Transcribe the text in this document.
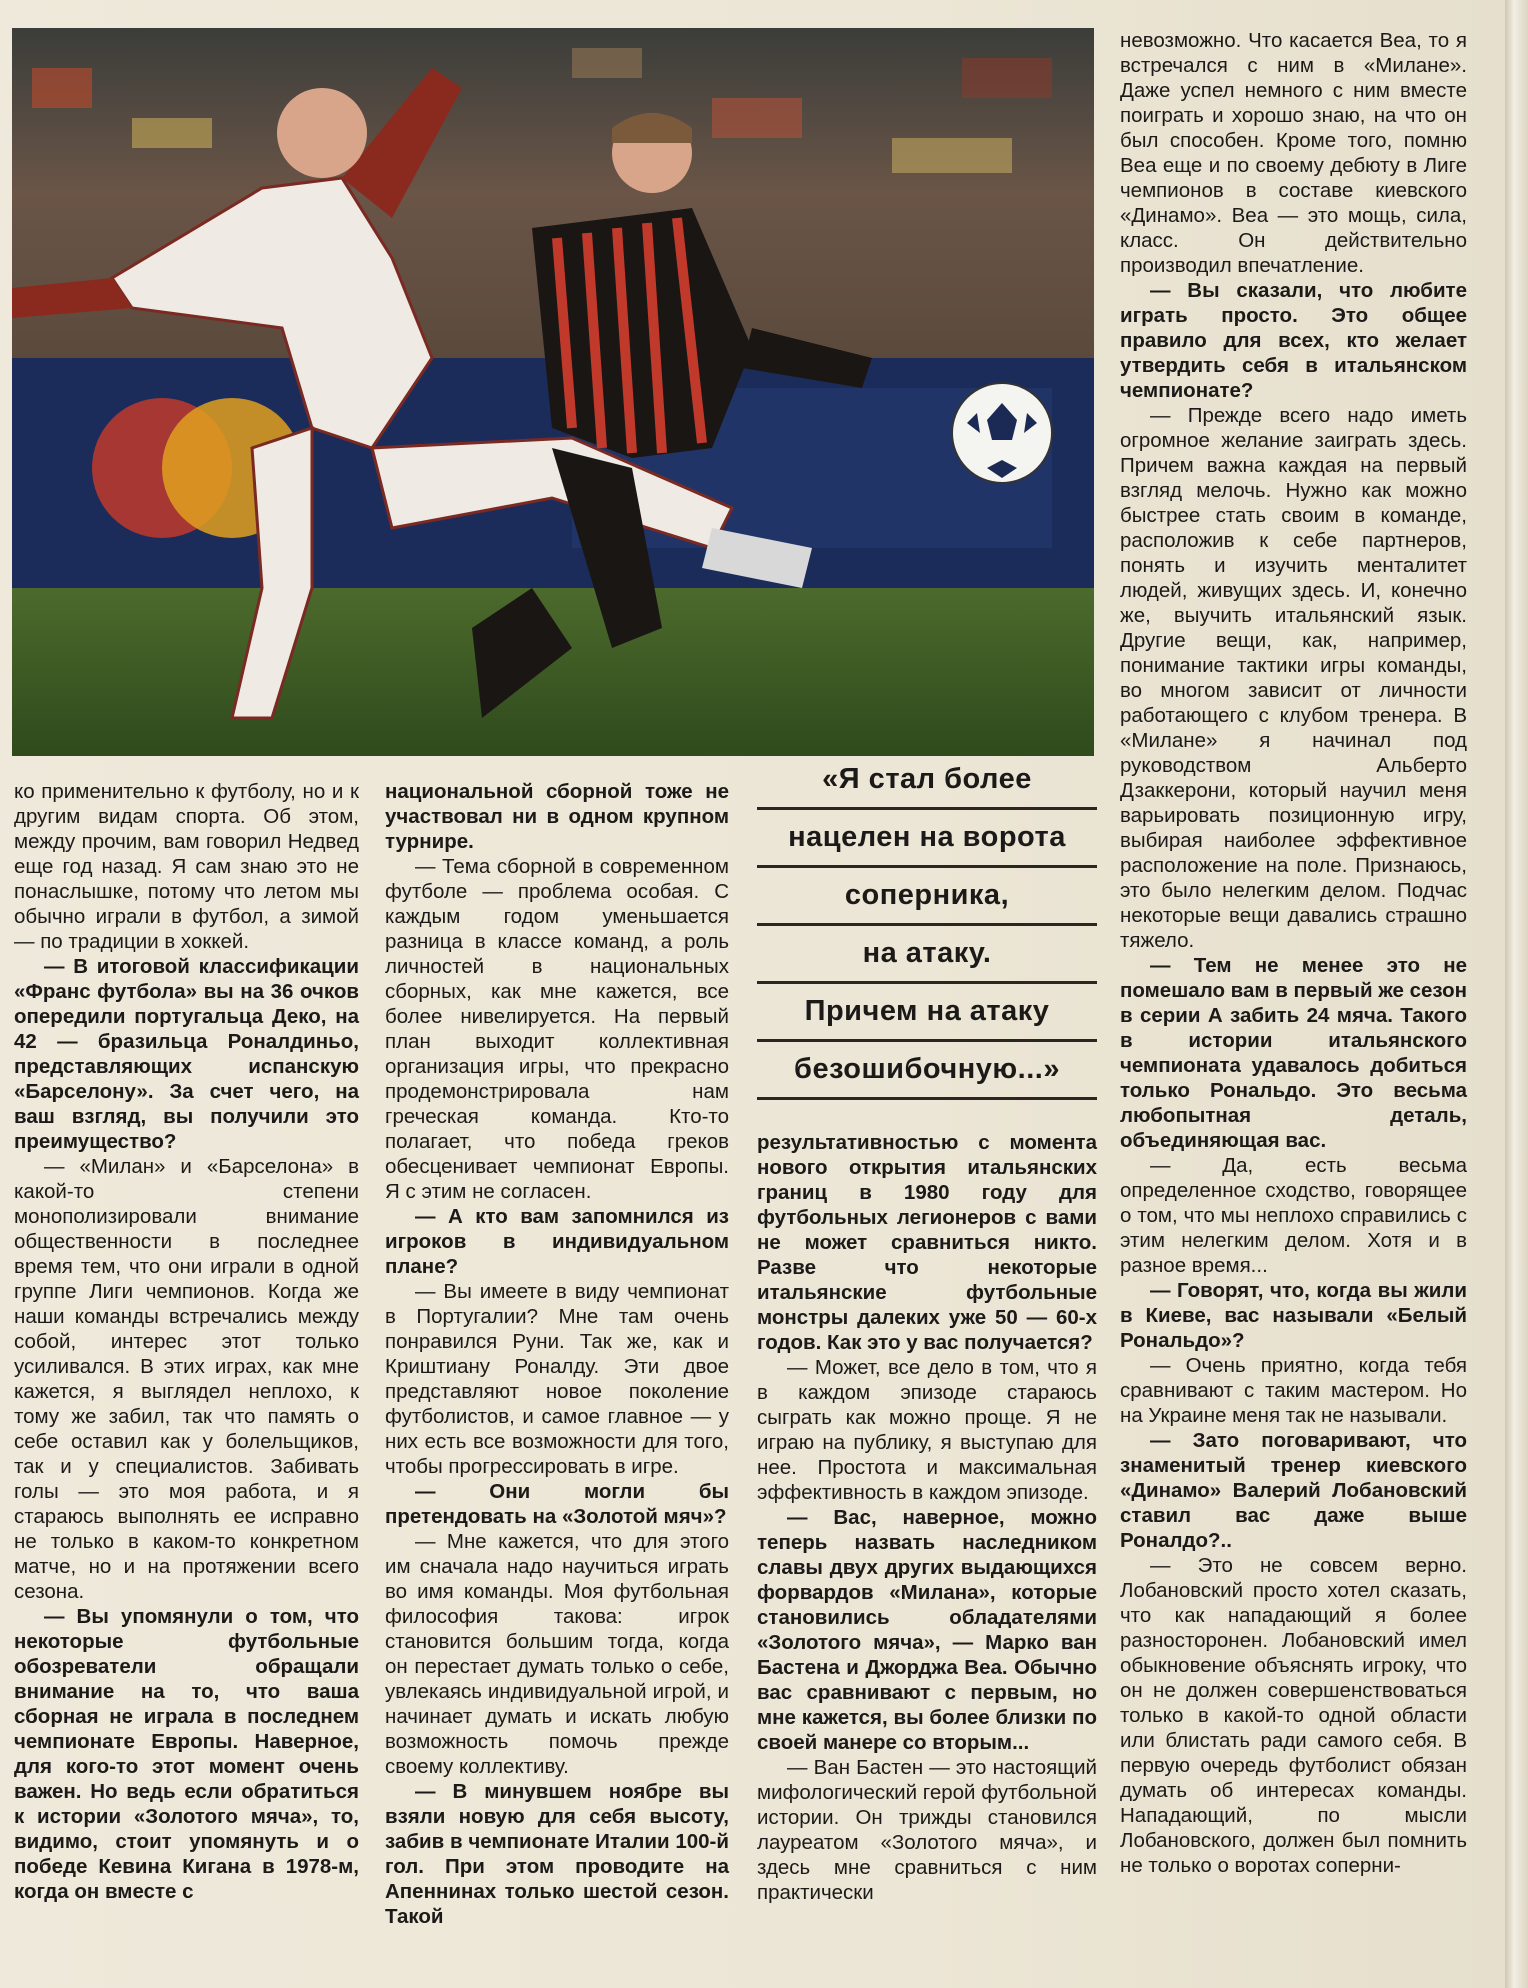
«Я стал более
нацелен на ворота
соперника,
на атаку.
Причем на атаку
безошибочную...»

ко применительно к футболу, но и к другим видам спорта. Об этом, между прочим, вам говорил Недвед еще год назад. Я сам знаю это не понаслышке, потому что летом мы обычно играли в футбол, а зимой — по традиции в хоккей.

— В итоговой классификации «Франс футбола» вы на 36 очков опередили португальца Деко, на 42 — бразильца Роналдиньо, представляющих испанскую «Барселону». За счет чего, на ваш взгляд, вы получили это преимущество?

— «Милан» и «Барселона» в какой-то степени монополизировали внимание общественности в последнее время тем, что они играли в одной группе Лиги чемпионов. Когда же наши команды встречались между собой, интерес этот только усиливался. В этих играх, как мне кажется, я выглядел неплохо, к тому же забил, так что память о себе оставил как у болельщиков, так и у специалистов. Забивать голы — это моя работа, и я стараюсь выполнять ее исправно не только в каком-то конкретном матче, но и на протяжении всего сезона.

— Вы упомянули о том, что некоторые футбольные обозреватели обращали внимание на то, что ваша сборная не играла в последнем чемпионате Европы. Наверное, для кого-то этот момент очень важен. Но ведь если обратиться к истории «Золотого мяча», то, видимо, стоит упомянуть и о победе Кевина Кигана в 1978-м, когда он вместе с

национальной сборной тоже не участвовал ни в одном крупном турнире.

— Тема сборной в современном футболе — проблема особая. С каждым годом уменьшается разница в классе команд, а роль личностей в национальных сборных, как мне кажется, все более нивелируется. На первый план выходит коллективная организация игры, что прекрасно продемонстрировала нам греческая команда. Кто-то полагает, что победа греков обесценивает чемпионат Европы. Я с этим не согласен.

— А кто вам запомнился из игроков в индивидуальном плане?

— Вы имеете в виду чемпионат в Португалии? Мне там очень понравился Руни. Так же, как и Криштиану Роналду. Эти двое представляют новое поколение футболистов, и самое главное — у них есть все возможности для того, чтобы прогрессировать в игре.

— Они могли бы претендовать на «Золотой мяч»?

— Мне кажется, что для этого им сначала надо научиться играть во имя команды. Моя футбольная философия такова: игрок становится большим тогда, когда он перестает думать только о себе, увлекаясь индивидуальной игрой, и начинает думать и искать любую возможность помочь прежде своему коллективу.

— В минувшем ноябре вы взяли новую для себя высоту, забив в чемпионате Италии 100-й гол. При этом проводите на Апеннинах только шестой сезон. Такой

результативностью с момента нового открытия итальянских границ в 1980 году для футбольных легионеров с вами не может сравниться никто. Разве что некоторые итальянские футбольные монстры далеких уже 50 — 60-х годов. Как это у вас получается?

— Может, все дело в том, что я в каждом эпизоде стараюсь сыграть как можно проще. Я не играю на публику, я выступаю для нее. Простота и максимальная эффективность в каждом эпизоде.

— Вас, наверное, можно теперь назвать наследником славы двух других выдающихся форвардов «Милана», которые становились обладателями «Золотого мяча», — Марко ван Бастена и Джорджа Веа. Обычно вас сравнивают с первым, но мне кажется, вы более близки по своей манере со вторым...

— Ван Бастен — это настоящий мифологический герой футбольной истории. Он трижды становился лауреатом «Золотого мяча», и здесь мне сравниться с ним практически

невозможно. Что касается Веа, то я встречался с ним в «Милане». Даже успел немного с ним вместе поиграть и хорошо знаю, на что он был способен. Кроме того, помню Веа еще и по своему дебюту в Лиге чемпионов в составе киевского «Динамо». Веа — это мощь, сила, класс. Он действительно производил впечатление.

— Вы сказали, что любите играть просто. Это общее правило для всех, кто желает утвердить себя в итальянском чемпионате?

— Прежде всего надо иметь огромное желание заиграть здесь. Причем важна каждая на первый взгляд мелочь. Нужно как можно быстрее стать своим в команде, расположив к себе партнеров, понять и изучить менталитет людей, живущих здесь. И, конечно же, выучить итальянский язык. Другие вещи, как, например, понимание тактики игры команды, во многом зависит от личности работающего с клубом тренера. В «Милане» я начинал под руководством Альберто Дзаккерони, который научил меня варьировать позиционную игру, выбирая наиболее эффективное расположение на поле. Признаюсь, это было нелегким делом. Подчас некоторые вещи давались страшно тяжело.

— Тем не менее это не помешало вам в первый же сезон в серии А забить 24 мяча. Такого в истории итальянского чемпионата удавалось добиться только Рональдо. Это весьма любопытная деталь, объединяющая вас.

— Да, есть весьма определенное сходство, говорящее о том, что мы неплохо справились с этим нелегким делом. Хотя и в разное время...

— Говорят, что, когда вы жили в Киеве, вас называли «Белый Рональдо»?

— Очень приятно, когда тебя сравнивают с таким мастером. Но на Украине меня так не называли.

— Зато поговаривают, что знаменитый тренер киевского «Динамо» Валерий Лобановский ставил вас даже выше Роналдо?..

— Это не совсем верно. Лобановский просто хотел сказать, что как нападающий я более разносторонен. Лобановский имел обыкновение объяснять игроку, что он не должен совершенствоваться только в какой-то одной области или блистать ради самого себя. В первую очередь футболист обязан думать об интересах команды. Нападающий, по мысли Лобановского, должен был помнить не только о воротах соперни-
